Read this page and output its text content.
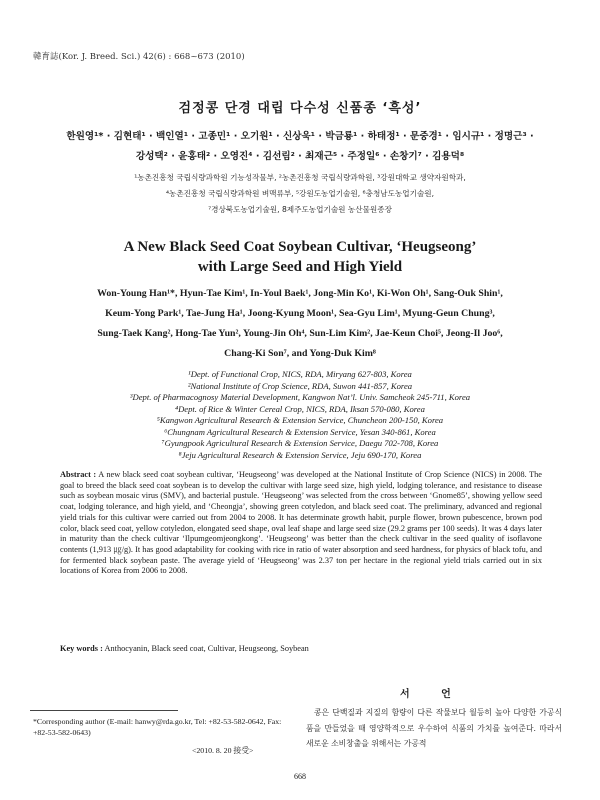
韓育誌(Kor. J. Breed. Sci.) 42(6) : 668~673 (2010)
검정콩 단경 대립 다수성 신품종 ‘흑성’
한원영¹* · 김현태¹ · 백인열¹ · 고종민¹ · 오기원¹ · 신상욱¹ · 박금룡¹ · 하태정¹ · 문중경¹ · 임시규¹ · 정명근³ ·
강성택² · 윤홍태² · 오영진⁴ · 김선림² · 최재근⁵ · 주정일⁶ · 손창기⁷ · 김용덕⁸
¹농촌진흥청 국립식량과학원 기능성작물부, ²농촌진흥청 국립식량과학원, ³강원대학교 생약자원학과,
⁴농촌진흥청 국립식량과학원 벼맥류부, ⁵강원도농업기술원, ⁶충청남도농업기술원,
⁷경상북도농업기술원, 8제주도농업기술원 농산물원종장
A New Black Seed Coat Soybean Cultivar, ‘Heugseong’
with Large Seed and High Yield
Won-Young Han¹*, Hyun-Tae Kim¹, In-Youl Baek¹, Jong-Min Ko¹, Ki-Won Oh¹, Sang-Ouk Shin¹,
Keum-Yong Park¹, Tae-Jung Ha¹, Joong-Kyung Moon¹, Sea-Gyu Lim¹, Myung-Geun Chung³,
Sung-Taek Kang², Hong-Tae Yun², Young-Jin Oh⁴, Sun-Lim Kim², Jae-Keun Choi⁵, Jeong-Il Joo⁶,
Chang-Ki Son⁷, and Yong-Duk Kim⁸
¹Dept. of Functional Crop, NICS, RDA, Miryang 627-803, Korea
²National Institute of Crop Science, RDA, Suwon 441-857, Korea
³Dept. of Pharmacognosy Material Development, Kangwon Nat’l. Univ. Samcheok 245-711, Korea
⁴Dept. of Rice & Winter Cereal Crop, NICS, RDA, Iksan 570-080, Korea
⁵Kangwon Agricultural Research & Extension Service, Chuncheon 200-150, Korea
⁶Chungnam Agricultural Research & Extension Service, Yesan 340-861, Korea
⁷Gyungpook Agricultural Research & Extension Service, Daegu 702-708, Korea
⁸Jeju Agricultural Research & Extension Service, Jeju 690-170, Korea
Abstract : A new black seed coat soybean cultivar, ‘Heugseong’ was developed at the National Institute of Crop Science (NICS) in 2008. The goal to breed the black seed coat soybean is to develop the cultivar with large seed size, high yield, lodging tolerance, and resistance to disease such as soybean mosaic virus (SMV), and bacterial pustule. ‘Heugseong’ was selected from the cross between ‘Gnome85’, showing yellow seed coat, lodging tolerance, and high yield, and ‘Cheongja’, showing green cotyledon, and black seed coat. The preliminary, advanced and regional yield trials for this cultivar were carried out from 2004 to 2008. It has determinate growth habit, purple flower, brown pubescence, brown pod color, black seed coat, yellow cotyledon, elongated seed shape, oval leaf shape and large seed size (29.2 grams per 100 seeds). It was 4 days later in maturity than the check cultivar ‘Ilpumgeomjeongkong’. ‘Heugseong’ was better than the check cultivar in the seed quality of isoflavone contents (1,913 ㎍/g). It has good adaptability for cooking with rice in ratio of water absorption and seed hardness, for physics of black tofu, and for fermented black soybean paste. The average yield of ‘Heugseong’ was 2.37 ton per hectare in the regional yield trials carried out in six locations of Korea from 2006 to 2008.
Key words : Anthocyanin, Black seed coat, Cultivar, Heugseong, Soybean
서 언
콩은 단백질과 지질의 함량이 다른 작물보다 월등히 높아 다양한 가공식품을 만들었을 때 영양학적으로 우수하여 식품의 가치를 높여준다. 따라서 새로운 소비창출을 위해서는 가공적
*Corresponding author (E-mail: hanwy@rda.go.kr, Tel: +82-53-582-0642, Fax: +82-53-582-0643)
<2010. 8. 20 接受>
668
